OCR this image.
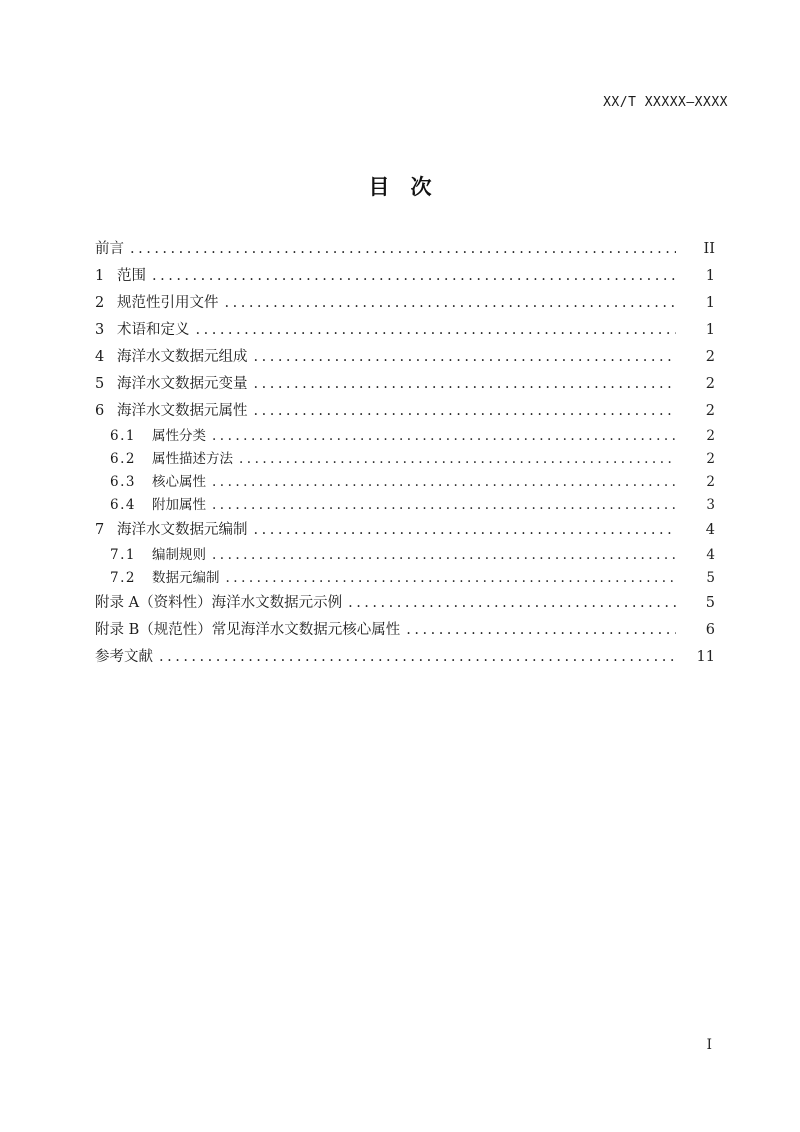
XX/T XXXXX—XXXX
目　次
前言 .....	II
1 范围 .....	1
2 规范性引用文件 .....	1
3 术语和定义 .....	1
4 海洋水文数据元组成 .....	2
5 海洋水文数据元变量 .....	2
6 海洋水文数据元属性 .....	2
6.1	属性分类 .....	2
6.2	属性描述方法 .....	2
6.3	核心属性 .....	2
6.4	附加属性 .....	3
7 海洋水文数据元编制 .....	4
7.1	编制规则 .....	4
7.2	数据元编制 .....	5
附录 A（资料性）海洋水文数据元示例 .....	5
附录 B（规范性）常见海洋水文数据元核心属性 .....	6
参考文献 .....	11
I
